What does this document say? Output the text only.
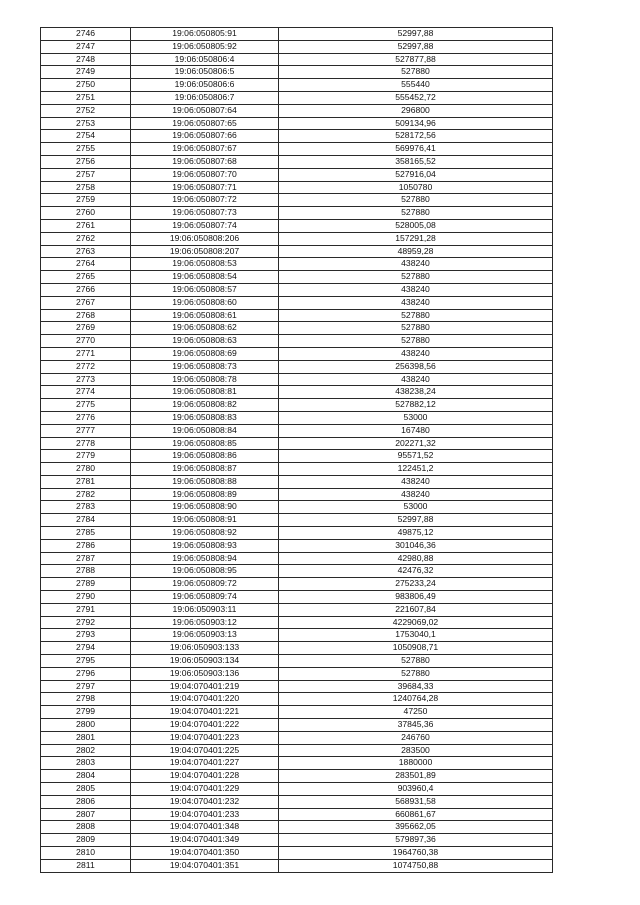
2746	19:06:050805:91	52997,88
2747	19:06:050805:92	52997,88
2748	19:06:050806:4	527877,88
2749	19:06:050806:5	527880
2750	19:06:050806:6	555440
2751	19:06:050806:7	555452,72
2752	19:06:050807:64	296800
2753	19:06:050807:65	509134,96
2754	19:06:050807:66	528172,56
2755	19:06:050807:67	569976,41
2756	19:06:050807:68	358165,52
2757	19:06:050807:70	527916,04
2758	19:06:050807:71	1050780
2759	19:06:050807:72	527880
2760	19:06:050807:73	527880
2761	19:06:050807:74	528005,08
2762	19:06:050808:206	157291,28
2763	19:06:050808:207	48959,28
2764	19:06:050808:53	438240
2765	19:06:050808:54	527880
2766	19:06:050808:57	438240
2767	19:06:050808:60	438240
2768	19:06:050808:61	527880
2769	19:06:050808:62	527880
2770	19:06:050808:63	527880
2771	19:06:050808:69	438240
2772	19:06:050808:73	256398,56
2773	19:06:050808:78	438240
2774	19:06:050808:81	438238,24
2775	19:06:050808:82	527882,12
2776	19:06:050808:83	53000
2777	19:06:050808:84	167480
2778	19:06:050808:85	202271,32
2779	19:06:050808:86	95571,52
2780	19:06:050808:87	122451,2
2781	19:06:050808:88	438240
2782	19:06:050808:89	438240
2783	19:06:050808:90	53000
2784	19:06:050808:91	52997,88
2785	19:06:050808:92	49875,12
2786	19:06:050808:93	301046,36
2787	19:06:050808:94	42980,88
2788	19:06:050808:95	42476,32
2789	19:06:050809:72	275233,24
2790	19:06:050809:74	983806,49
2791	19:06:050903:11	221607,84
2792	19:06:050903:12	4229069,02
2793	19:06:050903:13	1753040,1
2794	19:06:050903:133	1050908,71
2795	19:06:050903:134	527880
2796	19:06:050903:136	527880
2797	19:04:070401:219	39684,33
2798	19:04:070401:220	1240764,28
2799	19:04:070401:221	47250
2800	19:04:070401:222	37845,36
2801	19:04:070401:223	246760
2802	19:04:070401:225	283500
2803	19:04:070401:227	1880000
2804	19:04:070401:228	283501,89
2805	19:04:070401:229	903960,4
2806	19:04:070401:232	568931,58
2807	19:04:070401:233	660861,67
2808	19:04:070401:348	395662,05
2809	19:04:070401:349	579897,36
2810	19:04:070401:350	1964760,38
2811	19:04:070401:351	1074750,88
